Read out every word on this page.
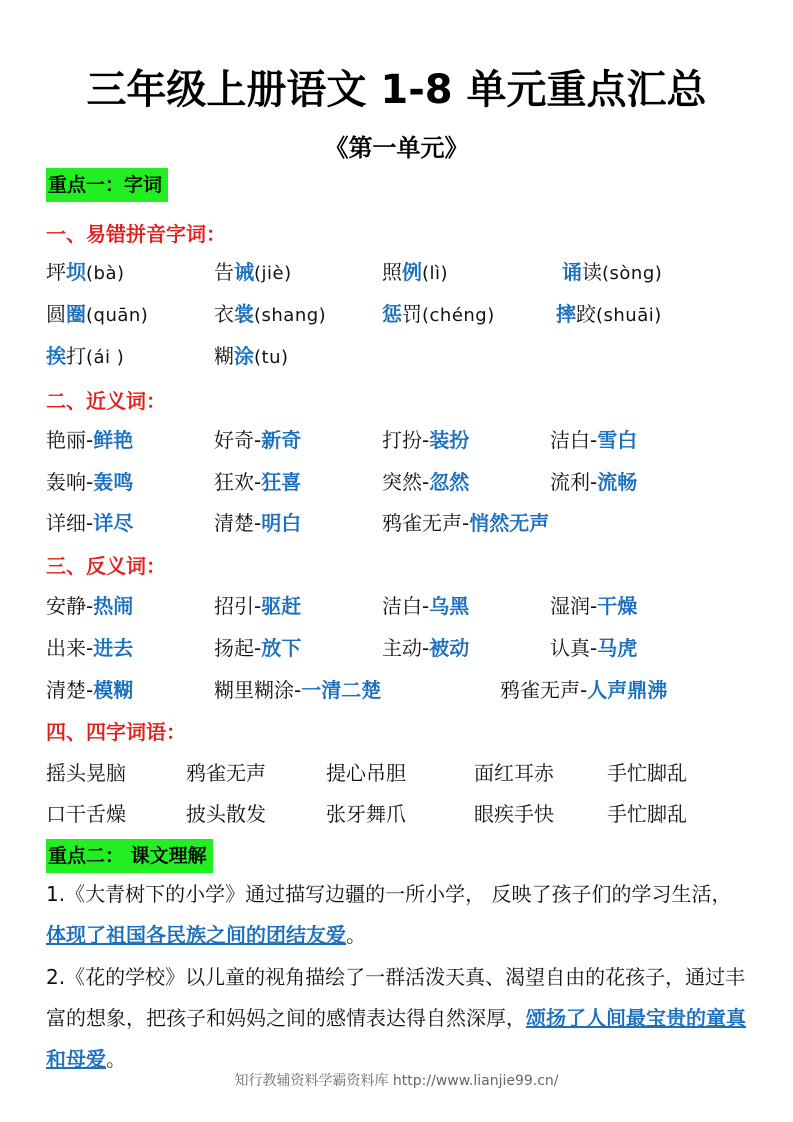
三年级上册语文 1-8 单元重点汇总
《第一单元》
重点一：字词
一、易错拼音字词：
坪坝(bà)	告诫(jiè)	照例(lì)	诵读(sòng)
圆圈(quān)	衣裳(shang)	惩罚(chéng)	摔跤(shuāi)
挨打(ái )	糊涂(tu)
二、近义词：
艳丽-鲜艳	好奇-新奇	打扮-装扮	洁白-雪白
轰响-轰鸣	狂欢-狂喜	突然-忽然	流利-流畅
详细-详尽	清楚-明白	鸦雀无声-悄然无声
三、反义词：
安静-热闹	招引-驱赶	洁白-乌黑	湿润-干燥
出来-进去	扬起-放下	主动-被动	认真-马虎
清楚-模糊	糊里糊涂-一清二楚	鸦雀无声-人声鼎沸
四、四字词语：
摇头晃脑	鸦雀无声	提心吊胆	面红耳赤	手忙脚乱
口干舌燥	披头散发	张牙舞爪	眼疾手快	手忙脚乱
重点二： 课文理解
1.《大青树下的小学》通过描写边疆的一所小学， 反映了孩子们的学习生活，体现了祖国各民族之间的团结友爱。
2.《花的学校》以儿童的视角描绘了一群活泼天真、渴望自由的花孩子，通过丰富的想象，把孩子和妈妈之间的感情表达得自然深厚，颂扬了人间最宝贵的童真和母爱。
知行教辅资料学霸资料库 http://www.lianjie99.cn/
